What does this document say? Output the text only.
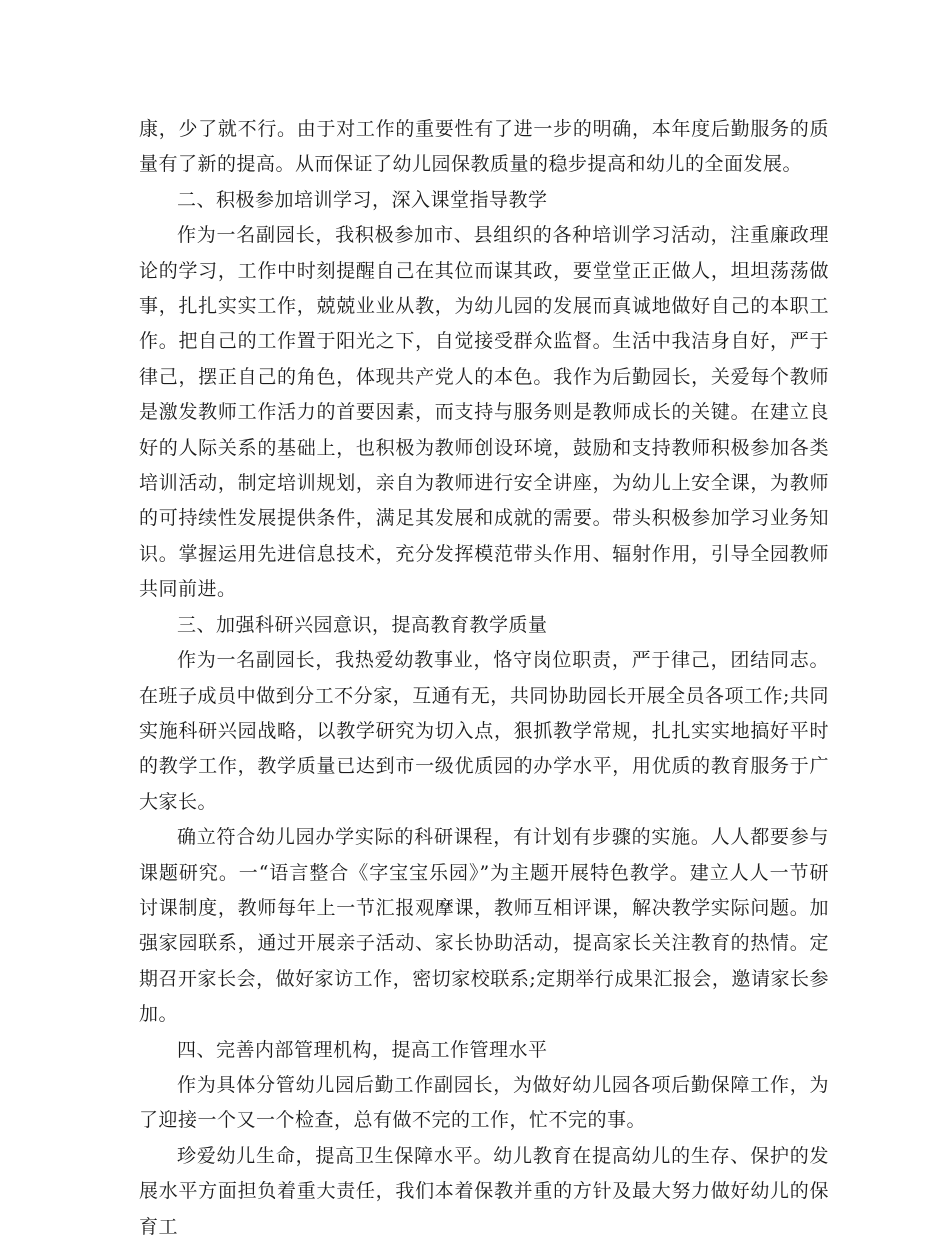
康，少了就不行。由于对工作的重要性有了进一步的明确，本年度后勤服务的质量有了新的提高。从而保证了幼儿园保教质量的稳步提高和幼儿的全面发展。

二、积极参加培训学习，深入课堂指导教学

作为一名副园长，我积极参加市、县组织的各种培训学习活动，注重廉政理论的学习，工作中时刻提醒自己在其位而谋其政，要堂堂正正做人，坦坦荡荡做事，扎扎实实工作，兢兢业业从教，为幼儿园的发展而真诚地做好自己的本职工作。把自己的工作置于阳光之下，自觉接受群众监督。生活中我洁身自好，严于律己，摆正自己的角色，体现共产党人的本色。我作为后勤园长，关爱每个教师是激发教师工作活力的首要因素，而支持与服务则是教师成长的关键。在建立良好的人际关系的基础上，也积极为教师创设环境，鼓励和支持教师积极参加各类培训活动，制定培训规划，亲自为教师进行安全讲座，为幼儿上安全课，为教师的可持续性发展提供条件，满足其发展和成就的需要。带头积极参加学习业务知识。掌握运用先进信息技术，充分发挥模范带头作用、辐射作用，引导全园教师共同前进。

三、加强科研兴园意识，提高教育教学质量

作为一名副园长，我热爱幼教事业，恪守岗位职责，严于律己，团结同志。在班子成员中做到分工不分家，互通有无，共同协助园长开展全员各项工作;共同实施科研兴园战略，以教学研究为切入点，狠抓教学常规，扎扎实实地搞好平时的教学工作，教学质量已达到市一级优质园的办学水平，用优质的教育服务于广大家长。

确立符合幼儿园办学实际的科研课程，有计划有步骤的实施。人人都要参与课题研究。一“语言整合《字宝宝乐园》”为主题开展特色教学。建立人人一节研讨课制度，教师每年上一节汇报观摩课，教师互相评课，解决教学实际问题。加强家园联系，通过开展亲子活动、家长协助活动，提高家长关注教育的热情。定期召开家长会，做好家访工作，密切家校联系;定期举行成果汇报会，邀请家长参加。

四、完善内部管理机构，提高工作管理水平

作为具体分管幼儿园后勤工作副园长，为做好幼儿园各项后勤保障工作，为了迎接一个又一个检查，总有做不完的工作，忙不完的事。

珍爱幼儿生命，提高卫生保障水平。幼儿教育在提高幼儿的生存、保护的发展水平方面担负着重大责任，我们本着保教并重的方针及最大努力做好幼儿的保育工
